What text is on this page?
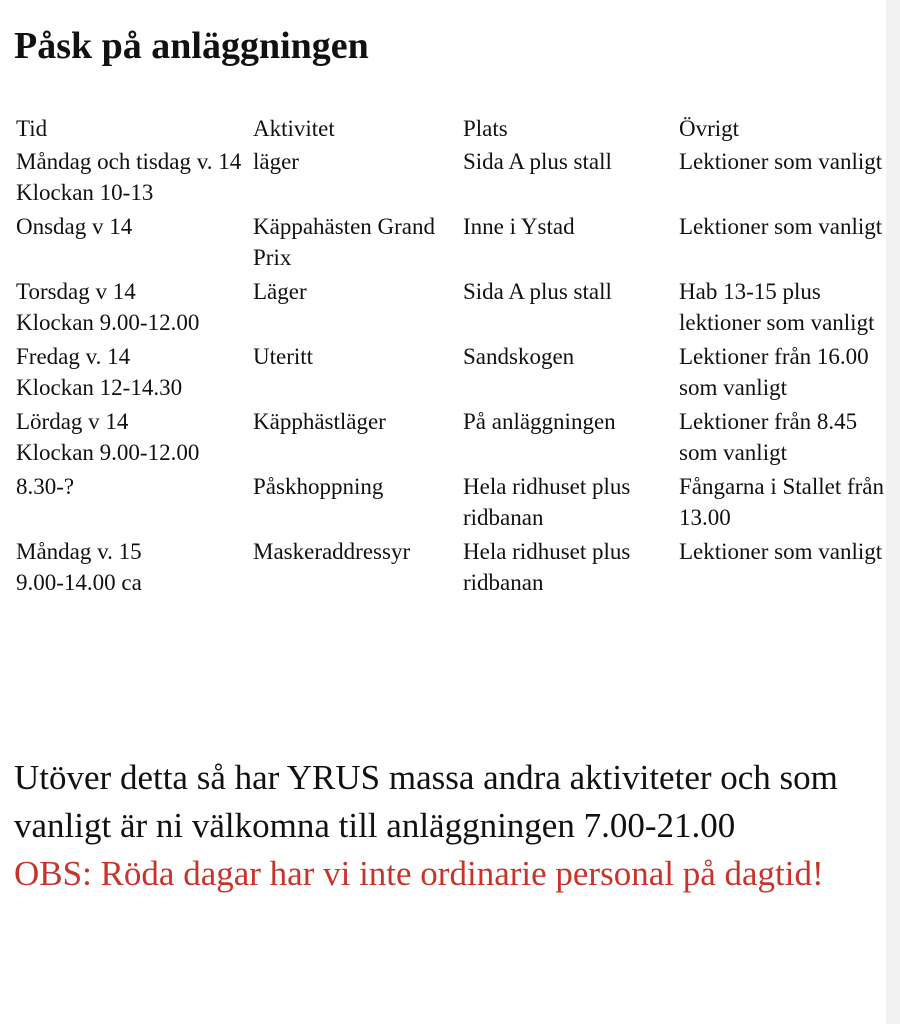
Påsk på anläggningen
Tid	Aktivitet	Plats	Övrigt

Måndag och tisdag v. 14
Klockan 10-13	läger	Sida A plus stall	Lektioner som vanligt

Onsdag v 14	Käppahästen Grand Prix	Inne i Ystad	Lektioner som vanligt

Torsdag v 14
Klockan 9.00-12.00	Läger	Sida A plus stall	Hab 13-15 plus lektioner som vanligt

Fredag v. 14
Klockan 12-14.30	Uteritt	Sandskogen	Lektioner från 16.00 som vanligt

Lördag v 14
Klockan 9.00-12.00	Käpphästläger	På anläggningen	Lektioner från 8.45 som vanligt

8.30-?	Påskhoppning	Hela ridhuset plus ridbanan	Fångarna i Stallet från 13.00

Måndag v. 15
9.00-14.00 ca	Maskeraddressyr	Hela ridhuset plus ridbanan	Lektioner som vanligt
Utöver detta så har YRUS massa andra aktiviteter och som vanligt är ni välkomna till anläggningen 7.00-21.00
OBS: Röda dagar har vi inte ordinarie personal på dagtid!
